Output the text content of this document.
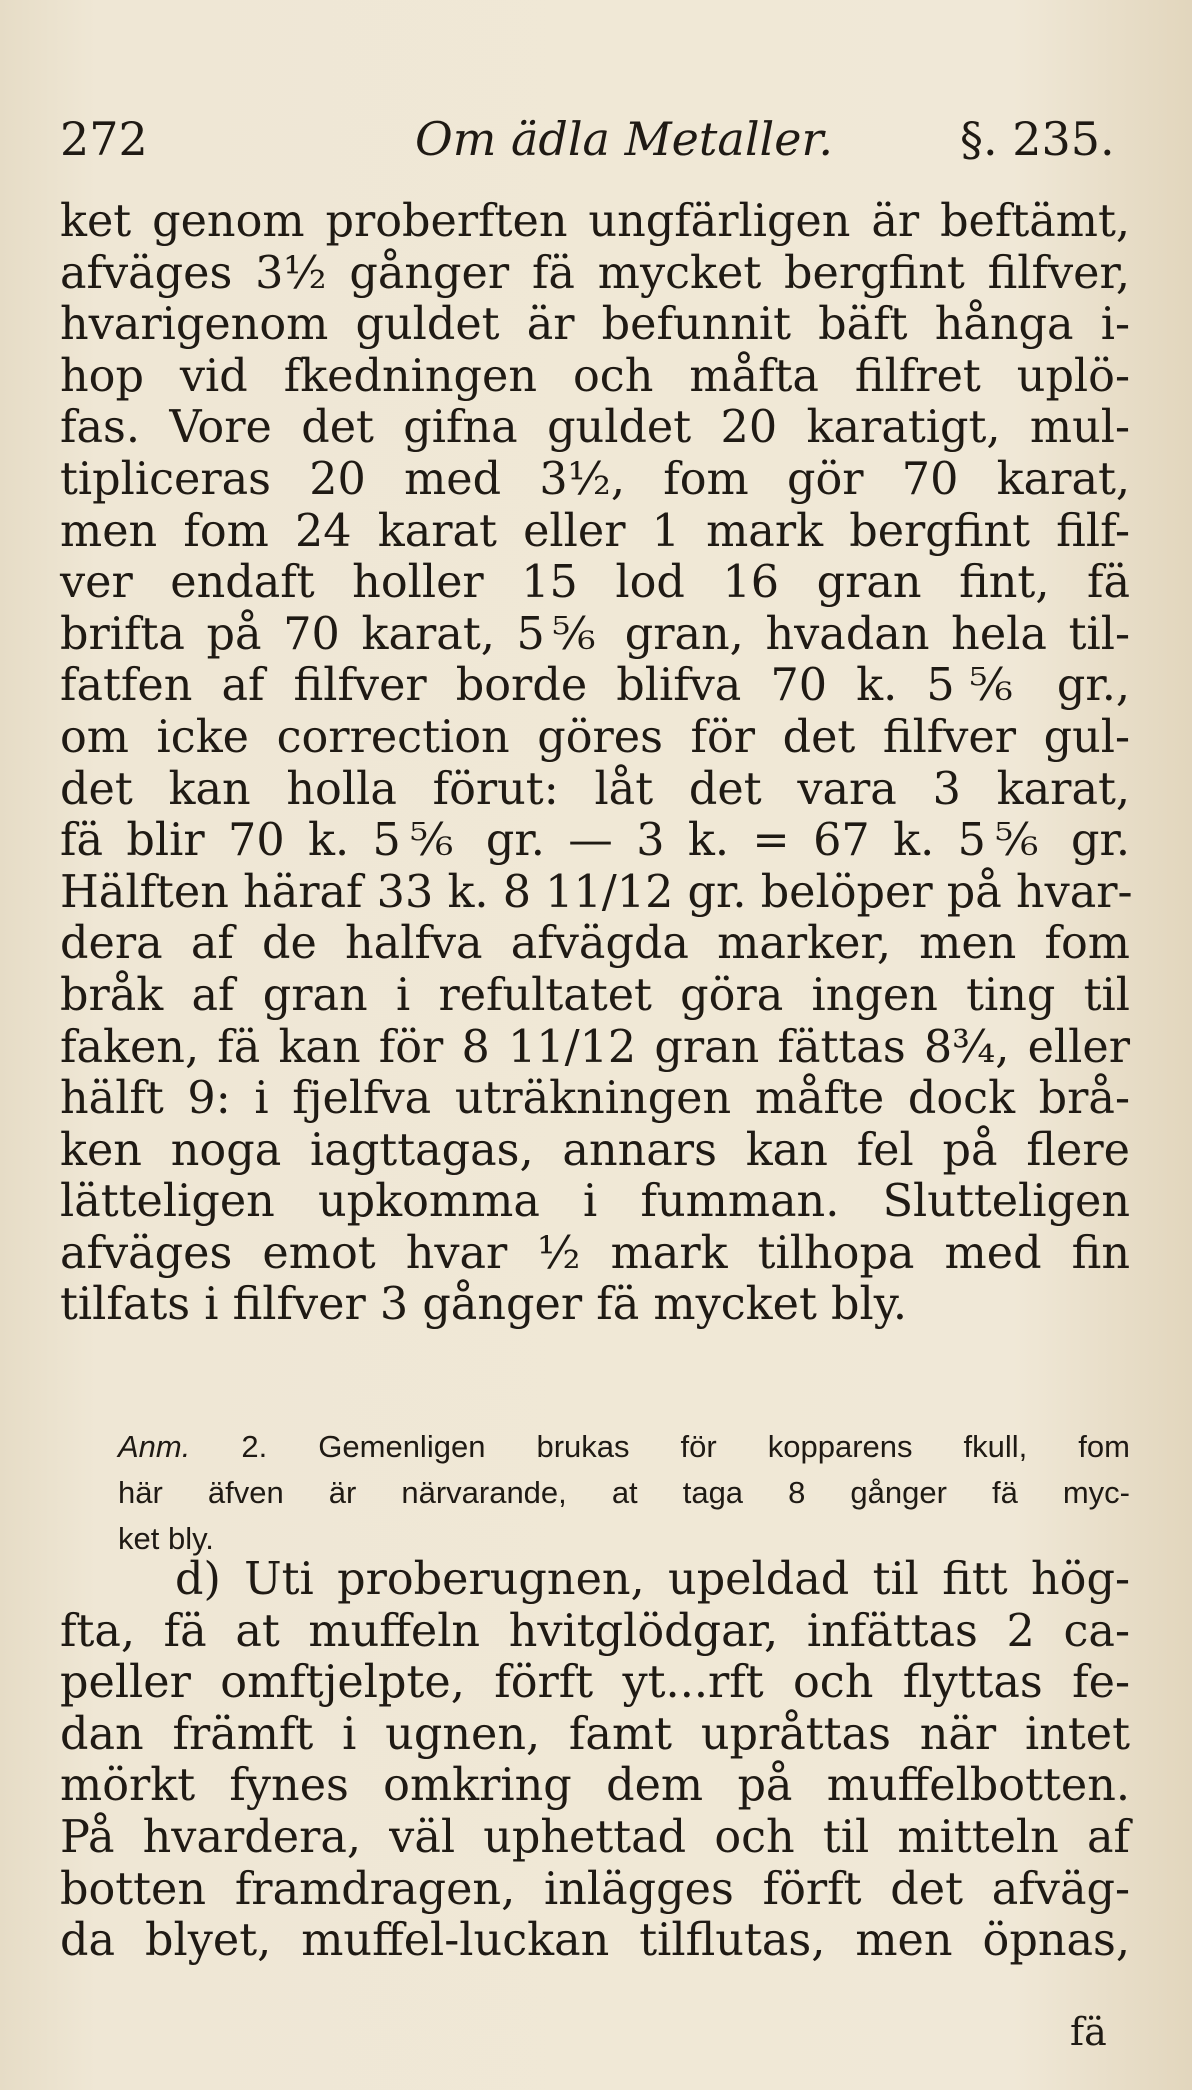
272	Om ädla Metaller.	§. 235.
ket genom proberften ungfärligen är beftämt,
afväges 3½ gånger fä mycket bergfint filfver,
hvarigenom guldet är befunnit bäft hånga i-
hop vid fkedningen och måfta filfret uplö-
fas. Vore det gifna guldet 20 karatigt, mul-
tipliceras 20 med 3½, fom gör 70 karat,
men fom 24 karat eller 1 mark bergfint filf-
ver endaft holler 15 lod 16 gran fint, fä
brifta på 70 karat, 5⅚ gran, hvadan hela til-
fatfen af filfver borde blifva 70 k. 5⅚ gr.,
om icke correction göres för det filfver gul-
det kan holla förut: låt det vara 3 karat,
fä blir 70 k. 5⅚ gr. — 3 k. = 67 k. 5⅚ gr.
Hälften häraf 33 k. 8 11/12 gr. belöper på hvar-
dera af de halfva afvägda marker, men fom
bråk af gran i refultatet göra ingen ting til
faken, fä kan för 8 11/12 gran fättas 8¾, eller
hälft 9: i fjelfva uträkningen måfte dock brå-
ken noga iagttagas, annars kan fel på flere
lätteligen upkomma i fumman. Slutteligen
afväges emot hvar ½ mark tilhopa med fin
tilfats i filfver 3 gånger fä mycket bly.
Anm. 2. Gemenligen brukas för kopparens fkull, fom
här äfven är närvarande, at taga 8 gånger fä myc-
ket bly.
d) Uti proberugnen, upeldad til fitt hög-
fta, fä at muffeln hvitglödgar, infättas 2 ca-
peller omftjelpte, förft yt...rft och flyttas fe-
dan främft i ugnen, famt upråttas när intet
mörkt fynes omkring dem på muffelbotten.
På hvardera, väl uphettad och til mitteln af
botten framdragen, inlägges förft det afväg-
da blyet, muffel-luckan tilflutas, men öpnas,
fä
